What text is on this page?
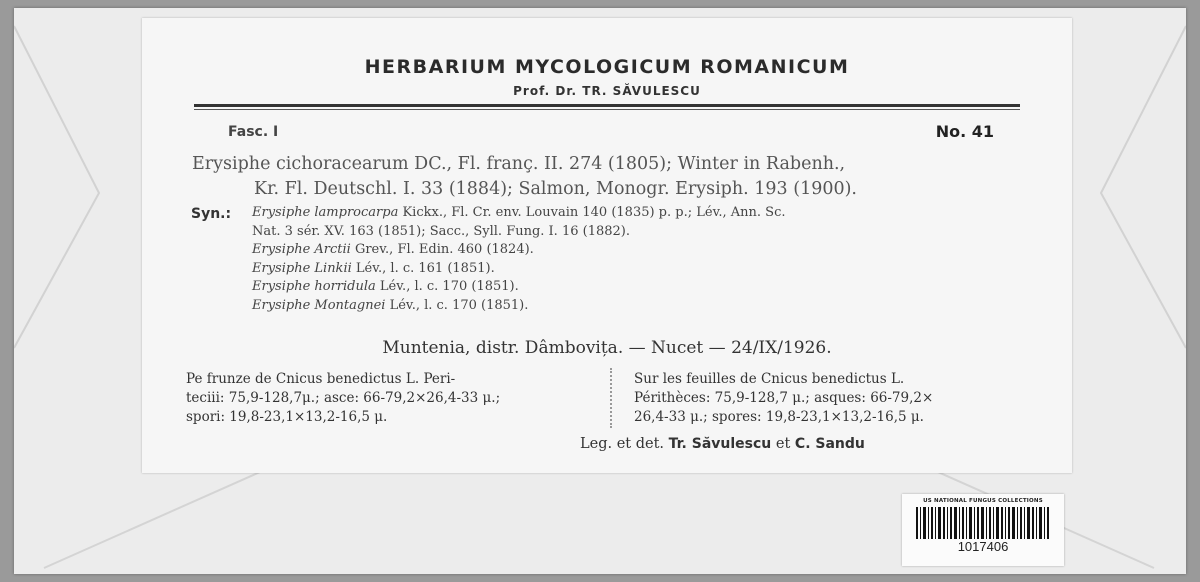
HERBARIUM MYCOLOGICUM ROMANICUM
Prof. Dr. TR. SĂVULESCU
Fasc. I	No. 41
Erysiphe cichoracearum DC., Fl. franç. II. 274 (1805); Winter in Rabenh.,
Kr. Fl. Deutschl. I. 33 (1884); Salmon, Monogr. Erysiph. 193 (1900).
Syn.: Erysiphe lamprocarpa Kickx., Fl. Cr. env. Louvain 140 (1835) p. p.; Lév., Ann. Sc.
Nat. 3 sér. XV. 163 (1851); Sacc., Syll. Fung. I. 16 (1882).
Erysiphe Arctii Grev., Fl. Edin. 460 (1824).
Erysiphe Linkii Lév., l. c. 161 (1851).
Erysiphe horridula Lév., l. c. 170 (1851).
Erysiphe Montagnei Lév., l. c. 170 (1851).
Muntenia, distr. Dâmbovița. — Nucet — 24/IX/1926.
Pe frunze de Cnicus benedictus L. Peri-
teciii: 75,9-128,7μ.; asce: 66-79,2×26,4-33 μ.;
spori: 19,8-23,1×13,2-16,5 μ.
Sur les feuilles de Cnicus benedictus L.
Périthèces: 75,9-128,7 μ.; asques: 66-79,2×
26,4-33 μ.; spores: 19,8-23,1×13,2-16,5 μ.
Leg. et det. Tr. Săvulescu et C. Sandu
US NATIONAL FUNGUS COLLECTIONS
1017406
